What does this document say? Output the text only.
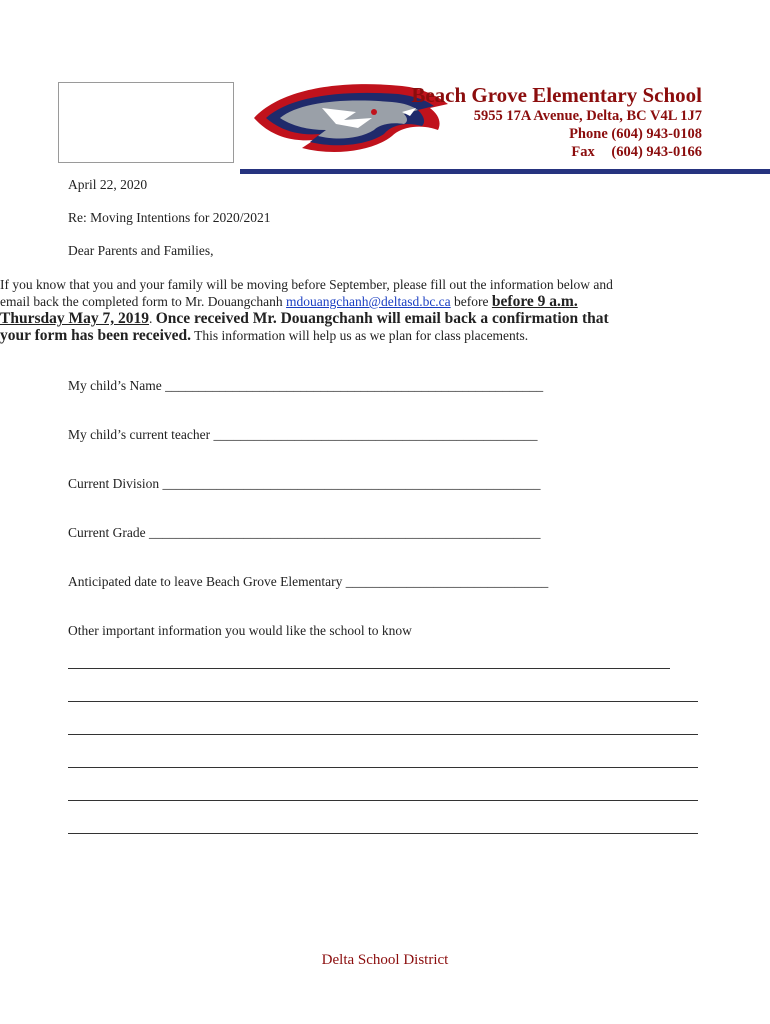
Beach Grove Elementary School
5955 17A Avenue, Delta, BC V4L 1J7
Phone (604) 943-0108
Fax (604) 943-0166
April 22, 2020
Re: Moving Intentions for 2020/2021
Dear Parents and Families,
If you know that you and your family will be moving before September, please fill out the information below and email back the completed form to Mr. Douangchanh mdouangchanh@deltasd.bc.ca before before 9 a.m. Thursday May 7, 2019. Once received Mr. Douangchanh will email back a confirmation that your form has been received. This information will help us as we plan for class placements.
My child’s Name ________________________________________________________
My child’s current teacher ________________________________________________
Current Division ________________________________________________________
Current Grade __________________________________________________________
Anticipated date to leave Beach Grove Elementary ______________________________
Other important information you would like the school to know
Delta School District
